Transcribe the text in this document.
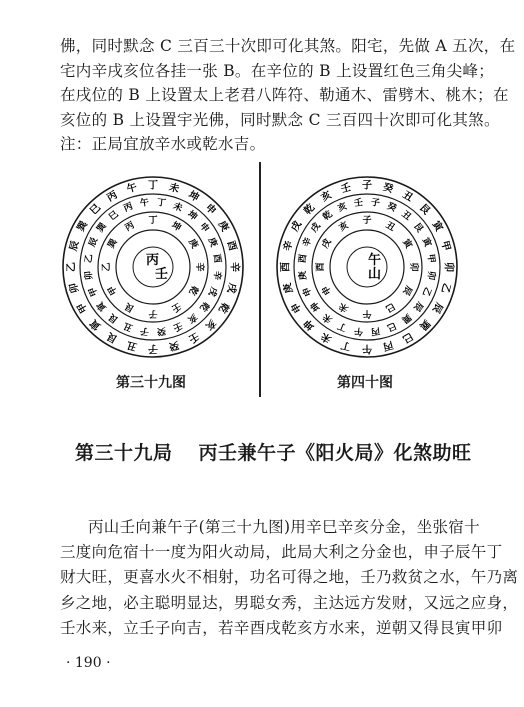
佛，同时默念 C 三百三十次即可化其煞。阳宅，先做 A 五次，在
宅内辛戌亥位各挂一张 B。在辛位的 B 上设置红色三角尖峰；
在戌位的 B 上设置太上老君八阵符、勒通木、雷劈木、桃木；在
亥位的 B 上设置宇光佛，同时默念 C 三百四十次即可化其煞。
注：正局宜放辛水或乾水吉。
子
丑
艮
寅
甲
卯
乙
辰
巽
巳
丙
午 丁 未
坤
申
庚
酉
辛
戌
乾
亥
壬
癸
子
丑
艮
寅
甲
卯
乙
辰
巽
巳
丙 午 丁 未
坤
申
庚
酉
辛
戌
乾
亥
壬
癸
子
艮
甲
乙
巽
丙 丁 坤
庚
辛
乾
壬
丙
壬
午
丁
未
坤
申
庚
酉
辛
戌
乾
亥
壬 子 癸
丑
艮
寅
甲
卯
乙
辰
巽
巳
丙
午
丁
未
坤
申
庚
酉
辛
戌
乾
亥 壬 子 癸
丑
艮
寅
甲
卯
乙
辰
巽
巳
丙
午
未
申
酉
戌
亥 子 丑
寅
卯
辰
巳
午
山
第三十九图	第四十图
第三十九局 丙壬兼午子《阳火局》化煞助旺
丙山壬向兼午子(第三十九图)用辛巳辛亥分金，坐张宿十
三度向危宿十一度为阳火动局，此局大利之分金也，申子辰午丁
财大旺，更喜水火不相射，功名可得之地，壬乃救贫之水，午乃离
乡之地，必主聪明显达，男聪女秀，主达远方发财，又远之应身，
壬水来，立壬子向吉，若辛酉戌乾亥方水来，逆朝又得艮寅甲卯
· 190 ·
